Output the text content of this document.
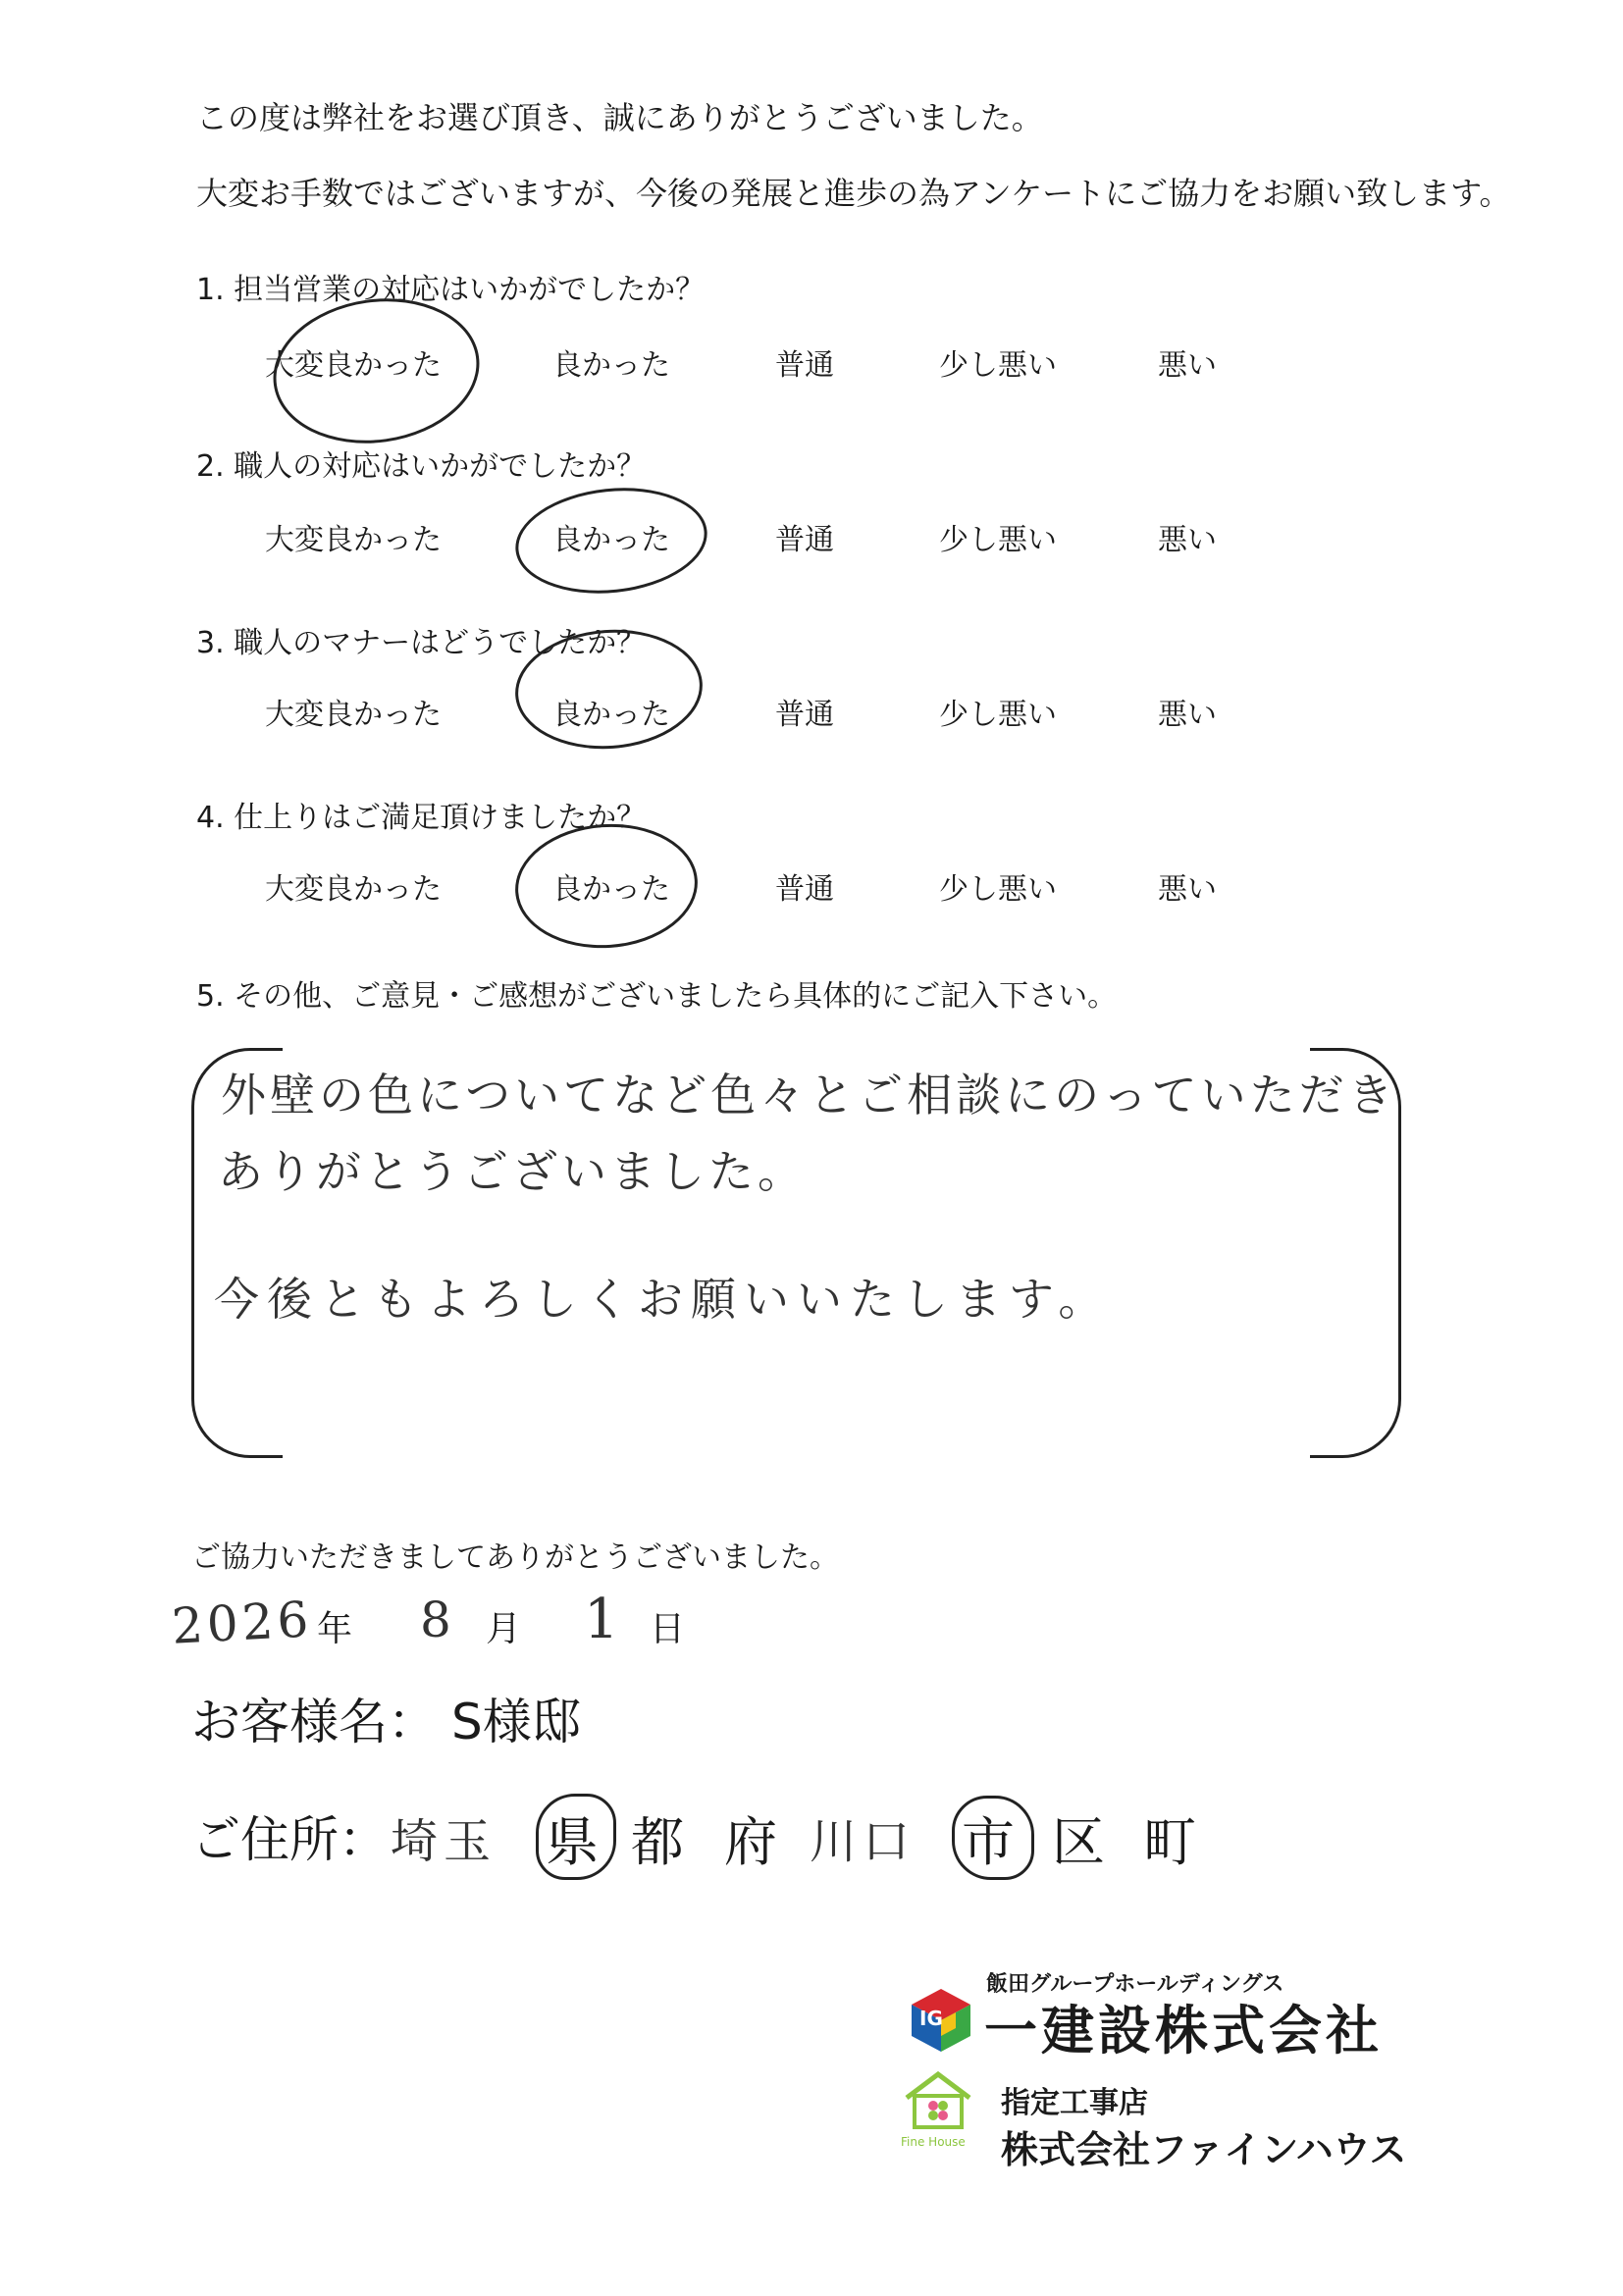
この度は弊社をお選び頂き、誠にありがとうございました。
大変お手数ではございますが、今後の発展と進歩の為アンケートにご協力をお願い致します。
1. 担当営業の対応はいかがでしたか？
大変良かった	良かった	普通	少し悪い	悪い
2. 職人の対応はいかがでしたか？
大変良かった	良かった	普通	少し悪い	悪い
3. 職人のマナーはどうでしたか？
大変良かった	良かった	普通	少し悪い	悪い
4. 仕上りはご満足頂けましたか？
大変良かった	良かった	普通	少し悪い	悪い
5. その他、ご意見・ご感想がございましたら具体的にご記入下さい。
外壁の色についてなど色々とご相談にのっていただき
ありがとうございました。
今後ともよろしくお願いいたします。
ご協力いただきましてありがとうございました。
2026 年 8 月 1 日
お客様名： S様邸
ご住所： 埼玉 県 都 府 川口 市 区 町
飯田グループホールディングス
IG 一建設株式会社
Fine House
指定工事店
株式会社ファインハウス
